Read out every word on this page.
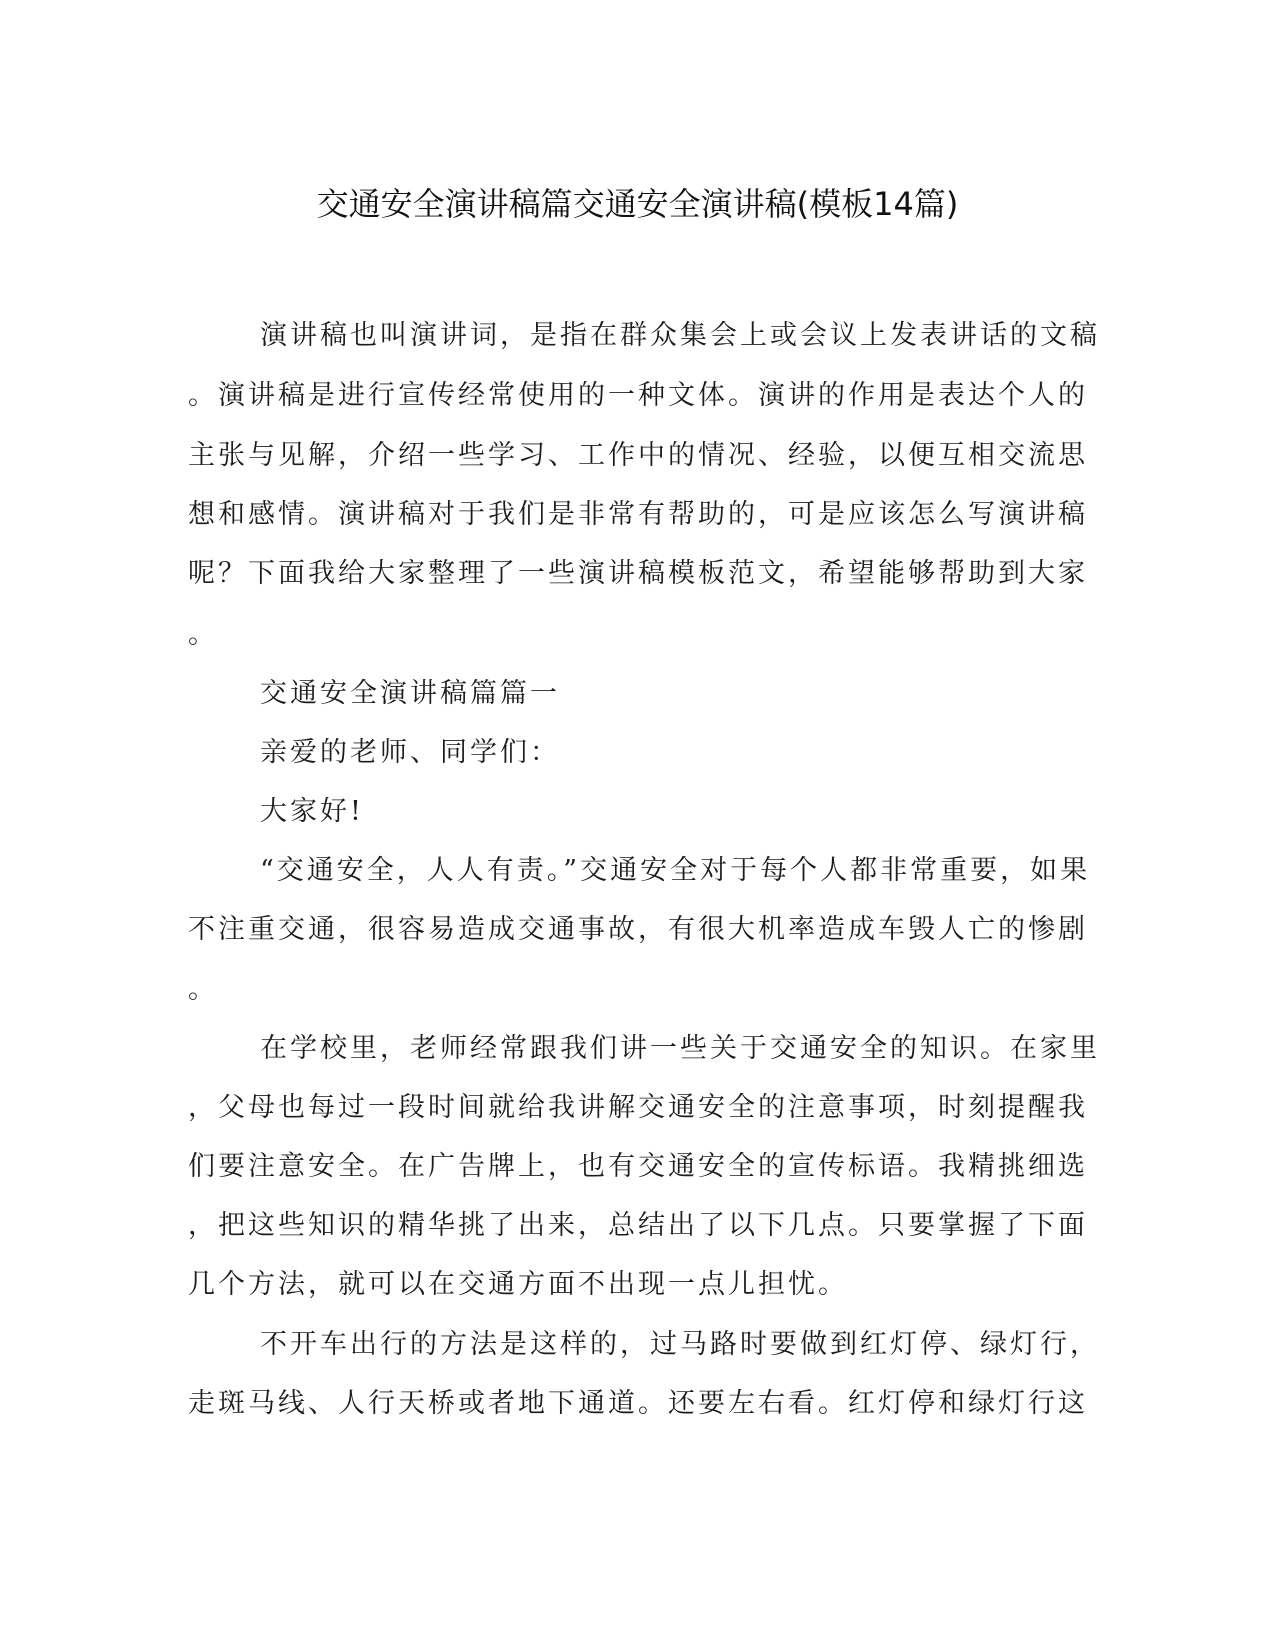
交通安全演讲稿篇交通安全演讲稿(模板14篇)
演讲稿也叫演讲词，是指在群众集会上或会议上发表讲话的文稿
。演讲稿是进行宣传经常使用的一种文体。演讲的作用是表达个人的
主张与见解，介绍一些学习、工作中的情况、经验，以便互相交流思
想和感情。演讲稿对于我们是非常有帮助的，可是应该怎么写演讲稿
呢？下面我给大家整理了一些演讲稿模板范文，希望能够帮助到大家
。
交通安全演讲稿篇篇一
亲爱的老师、同学们：
大家好!
“交通安全，人人有责。”交通安全对于每个人都非常重要，如果
不注重交通，很容易造成交通事故，有很大机率造成车毁人亡的惨剧
。
在学校里，老师经常跟我们讲一些关于交通安全的知识。在家里
，父母也每过一段时间就给我讲解交通安全的注意事项，时刻提醒我
们要注意安全。在广告牌上，也有交通安全的宣传标语。我精挑细选
，把这些知识的精华挑了出来，总结出了以下几点。只要掌握了下面
几个方法，就可以在交通方面不出现一点儿担忧。
不开车出行的方法是这样的，过马路时要做到红灯停、绿灯行，
走斑马线、人行天桥或者地下通道。还要左右看。红灯停和绿灯行这
